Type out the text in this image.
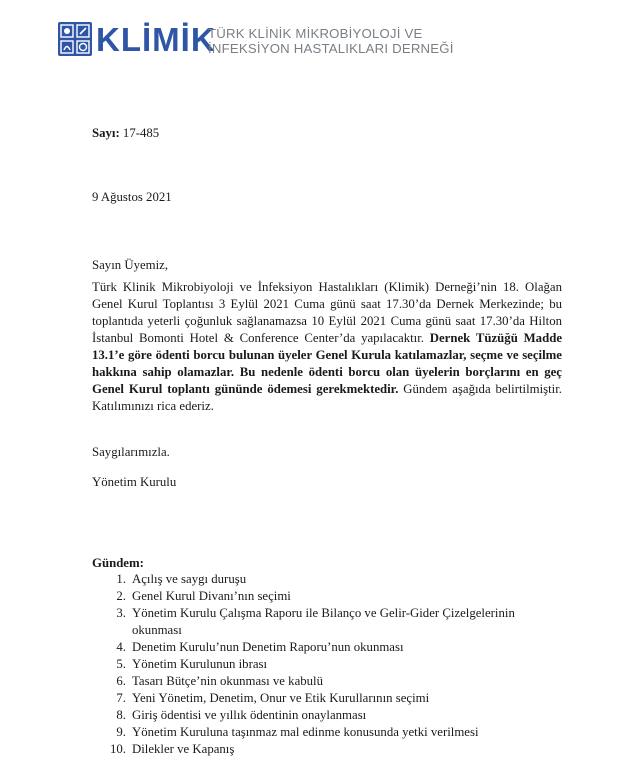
KLİMİK
TÜRK KLİNİK MİKROBİYOLOJİ VE
İNFEKSİYON HASTALIKLARI DERNEĞİ
Sayı: 17-485
9 Ağustos 2021
Sayın Üyemiz,
Türk Klinik Mikrobiyoloji ve İnfeksiyon Hastalıkları (Klimik) Derneği’nin 18. Olağan Genel Kurul Toplantısı 3 Eylül 2021 Cuma günü saat 17.30’da Dernek Merkezinde; bu toplantıda yeterli çoğunluk sağlanamazsa 10 Eylül 2021 Cuma günü saat 17.30’da Hilton İstanbul Bomonti Hotel & Conference Center’da yapılacaktır. Dernek Tüzüğü Madde 13.1’e göre ödenti borcu bulunan üyeler Genel Kurula katılamazlar, seçme ve seçilme hakkına sahip olamazlar. Bu nedenle ödenti borcu olan üyelerin borçlarını en geç Genel Kurul toplantı gününde ödemesi gerekmektedir. Gündem aşağıda belirtilmiştir. Katılımınızı rica ederiz.
Saygılarımızla.
Yönetim Kurulu
Gündem:
1. Açılış ve saygı duruşu
2. Genel Kurul Divanı’nın seçimi
3. Yönetim Kurulu Çalışma Raporu ile Bilanço ve Gelir-Gider Çizelgelerinin okunması
4. Denetim Kurulu’nun Denetim Raporu’nun okunması
5. Yönetim Kurulunun ibrası
6. Tasarı Bütçe’nin okunması ve kabulü
7. Yeni Yönetim, Denetim, Onur ve Etik Kurullarının seçimi
8. Giriş ödentisi ve yıllık ödentinin onaylanması
9. Yönetim Kuruluna taşınmaz mal edinme konusunda yetki verilmesi
10. Dilekler ve Kapanış
